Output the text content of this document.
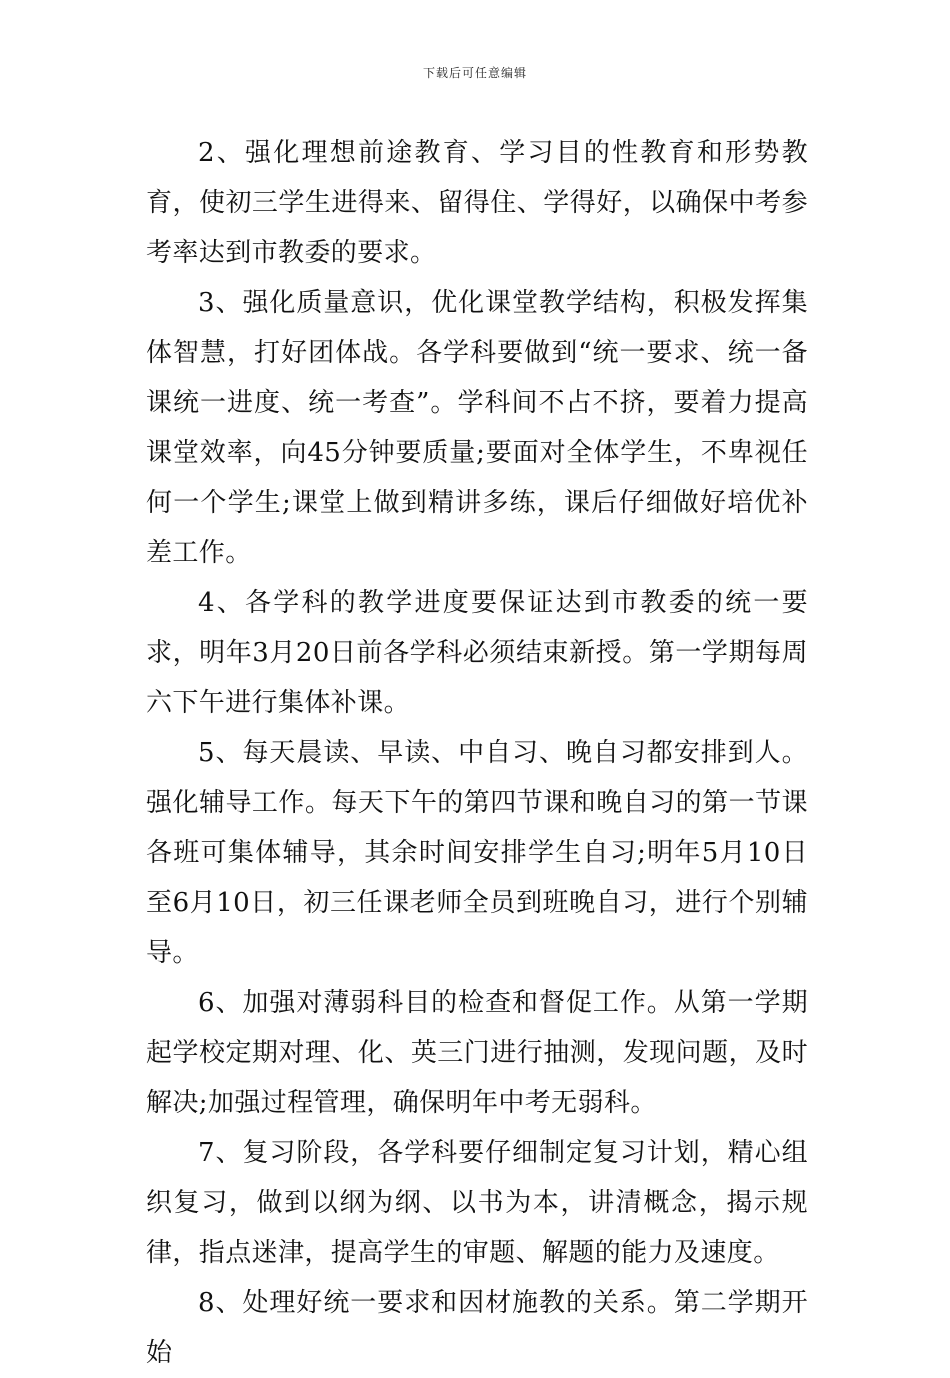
下载后可任意编辑

2、强化理想前途教育、学习目的性教育和形势教育，使初三学生进得来、留得住、学得好，以确保中考参考率达到市教委的要求。

3、强化质量意识，优化课堂教学结构，积极发挥集体智慧，打好团体战。各学科要做到“统一要求、统一备课统一进度、统一考查”。学科间不占不挤，要着力提高课堂效率，向45分钟要质量;要面对全体学生，不卑视任何一个学生;课堂上做到精讲多练，课后仔细做好培优补差工作。

4、各学科的教学进度要保证达到市教委的统一要求，明年3月20日前各学科必须结束新授。第一学期每周六下午进行集体补课。

5、每天晨读、早读、中自习、晚自习都安排到人。强化辅导工作。每天下午的第四节课和晚自习的第一节课各班可集体辅导，其余时间安排学生自习;明年5月10日至6月10日，初三任课老师全员到班晚自习，进行个别辅导。

6、加强对薄弱科目的检查和督促工作。从第一学期起学校定期对理、化、英三门进行抽测，发现问题，及时解决;加强过程管理，确保明年中考无弱科。

7、复习阶段，各学科要仔细制定复习计划，精心组织复习，做到以纲为纲、以书为本，讲清概念，揭示规律，指点迷津，提高学生的审题、解题的能力及速度。

8、处理好统一要求和因材施教的关系。第二学期开始
